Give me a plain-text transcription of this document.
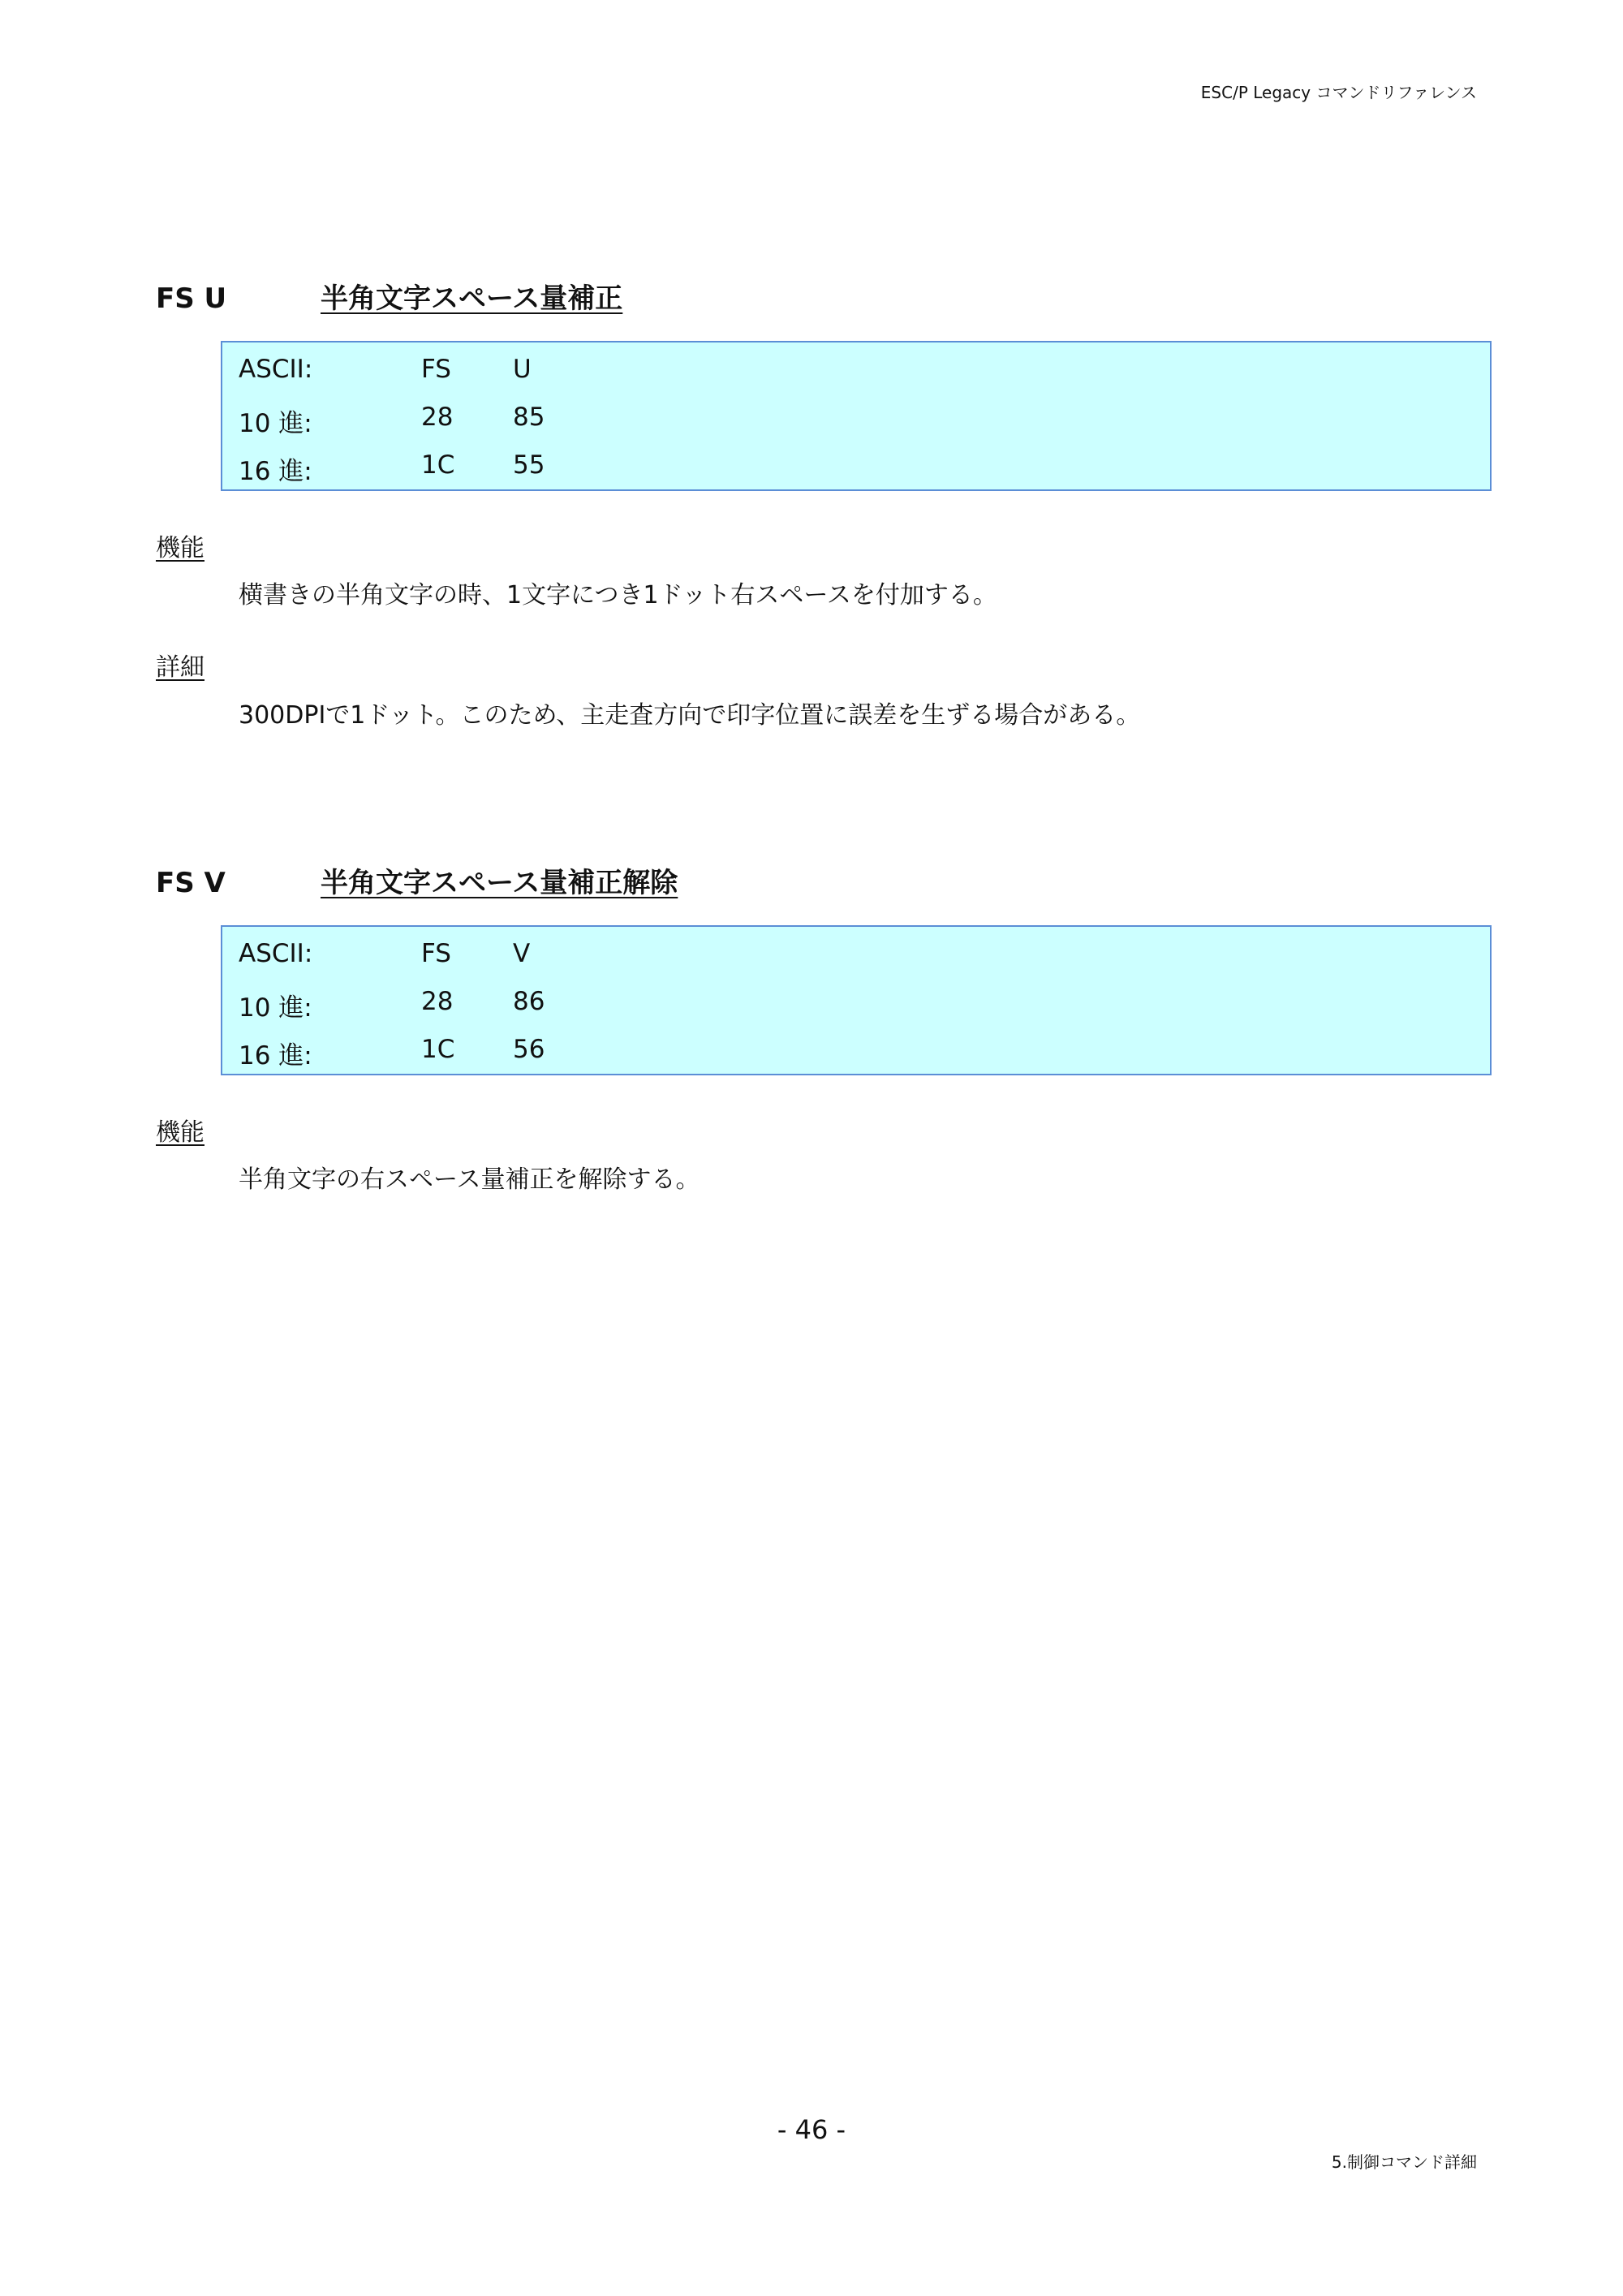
ESC/P Legacy コマンドリファレンス
FS U	半角文字スペース量補正
ASCII:	FS U
10 進:	28 85
16 進:	1C 55
機能
横書きの半角文字の時、1文字につき1ドット右スペースを付加する。
詳細
300DPIで1ドット。このため、主走査方向で印字位置に誤差を生ずる場合がある。
FS V	半角文字スペース量補正解除
ASCII:	FS V
10 進:	28 86
16 進:	1C 56
機能
半角文字の右スペース量補正を解除する。
- 46 -
5.制御コマンド詳細
